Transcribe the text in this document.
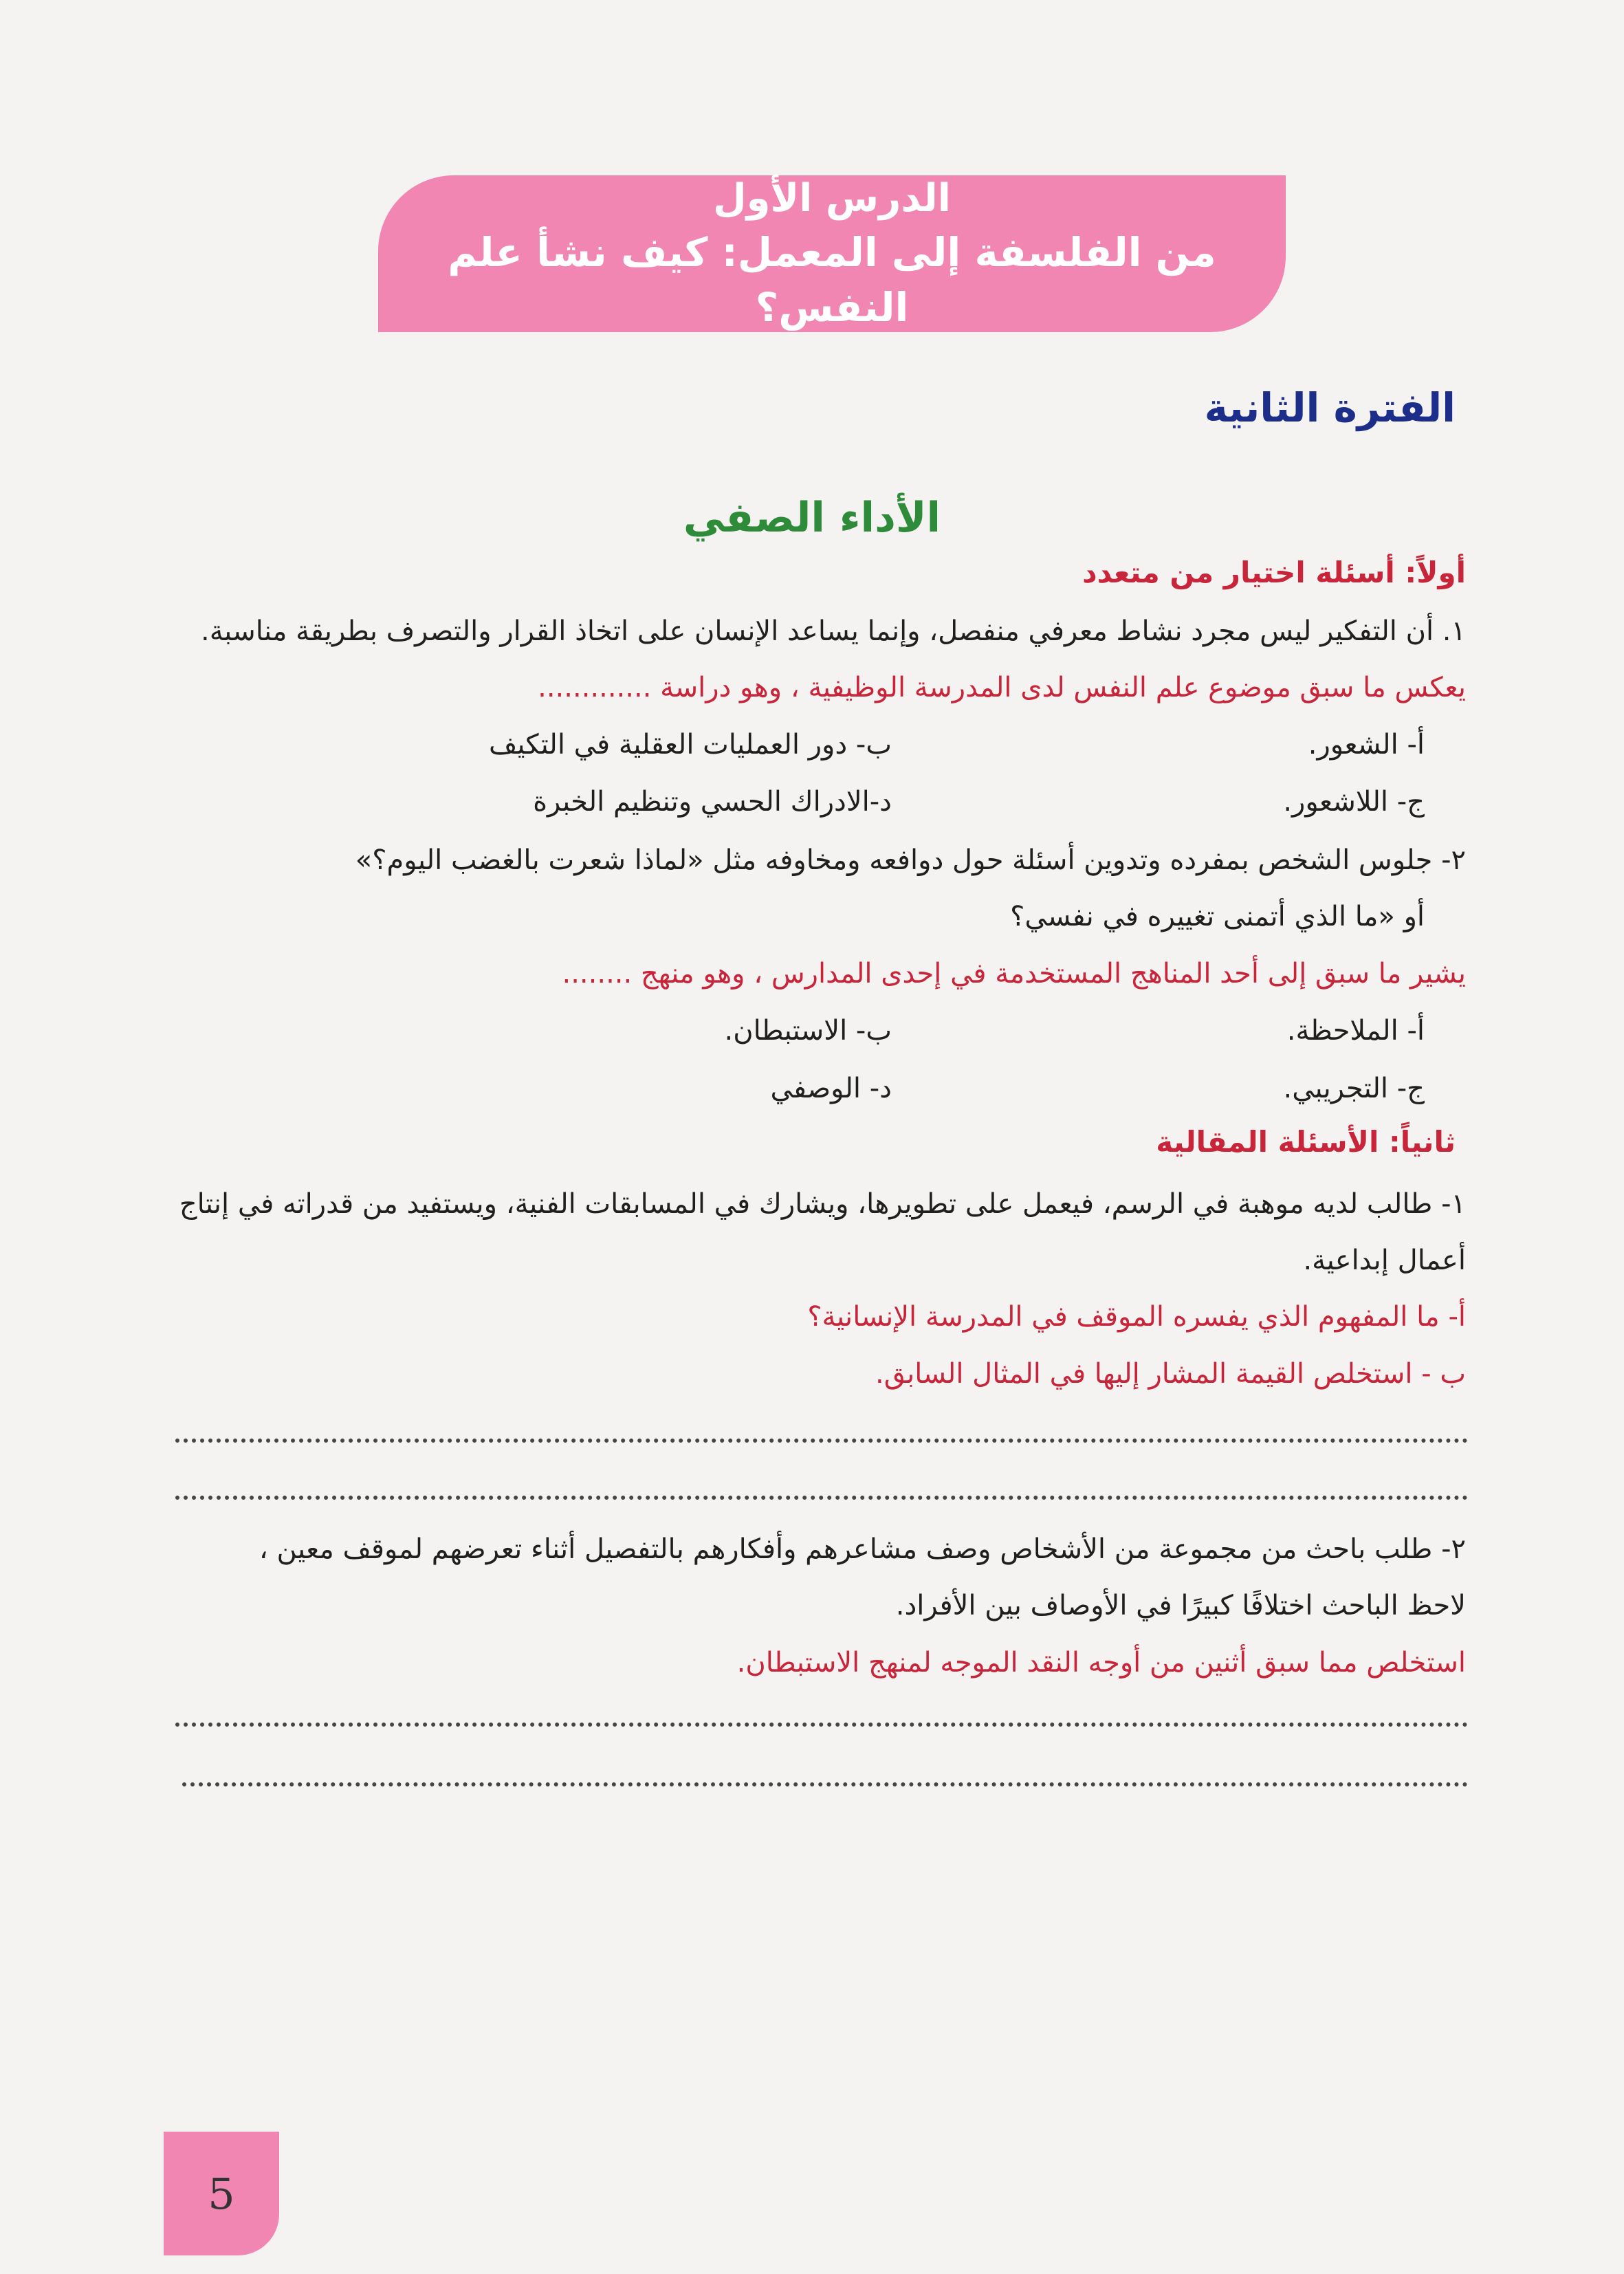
الدرس الأول
من الفلسفة إلى المعمل: كيف نشأ علم النفس؟
الفترة الثانية
الأداء الصفي
أولاً: أسئلة اختيار من متعدد
١. أن التفكير ليس مجرد نشاط معرفي منفصل، وإنما يساعد الإنسان على اتخاذ القرار والتصرف بطريقة مناسبة.
يعكس ما سبق موضوع علم النفس لدى المدرسة الوظيفية ، وهو دراسة .............
أ- الشعور.
ب- دور العمليات العقلية في التكيف
ج- اللاشعور.
د-الادراك الحسي وتنظيم الخبرة
٢- جلوس الشخص بمفرده وتدوين أسئلة حول دوافعه ومخاوفه مثل «لماذا شعرت بالغضب اليوم؟»
أو «ما الذي أتمنى تغييره في نفسي؟
يشير ما سبق إلى أحد المناهج المستخدمة في إحدى المدارس ، وهو منهج ........
أ- الملاحظة.
ب- الاستبطان.
ج- التجريبي.
د- الوصفي
ثانياً: الأسئلة المقالية
١- طالب لديه موهبة في الرسم، فيعمل على تطويرها، ويشارك في المسابقات الفنية، ويستفيد من قدراته في إنتاج
أعمال إبداعية.
أ- ما المفهوم الذي يفسره الموقف في المدرسة الإنسانية؟
ب - استخلص القيمة المشار إليها في المثال السابق.
٢- طلب باحث من مجموعة من الأشخاص وصف مشاعرهم وأفكارهم بالتفصيل أثناء تعرضهم لموقف معين ،
لاحظ الباحث اختلافًا كبيرًا في الأوصاف بين الأفراد.
استخلص مما سبق أثنين من أوجه النقد الموجه لمنهج الاستبطان.
5
